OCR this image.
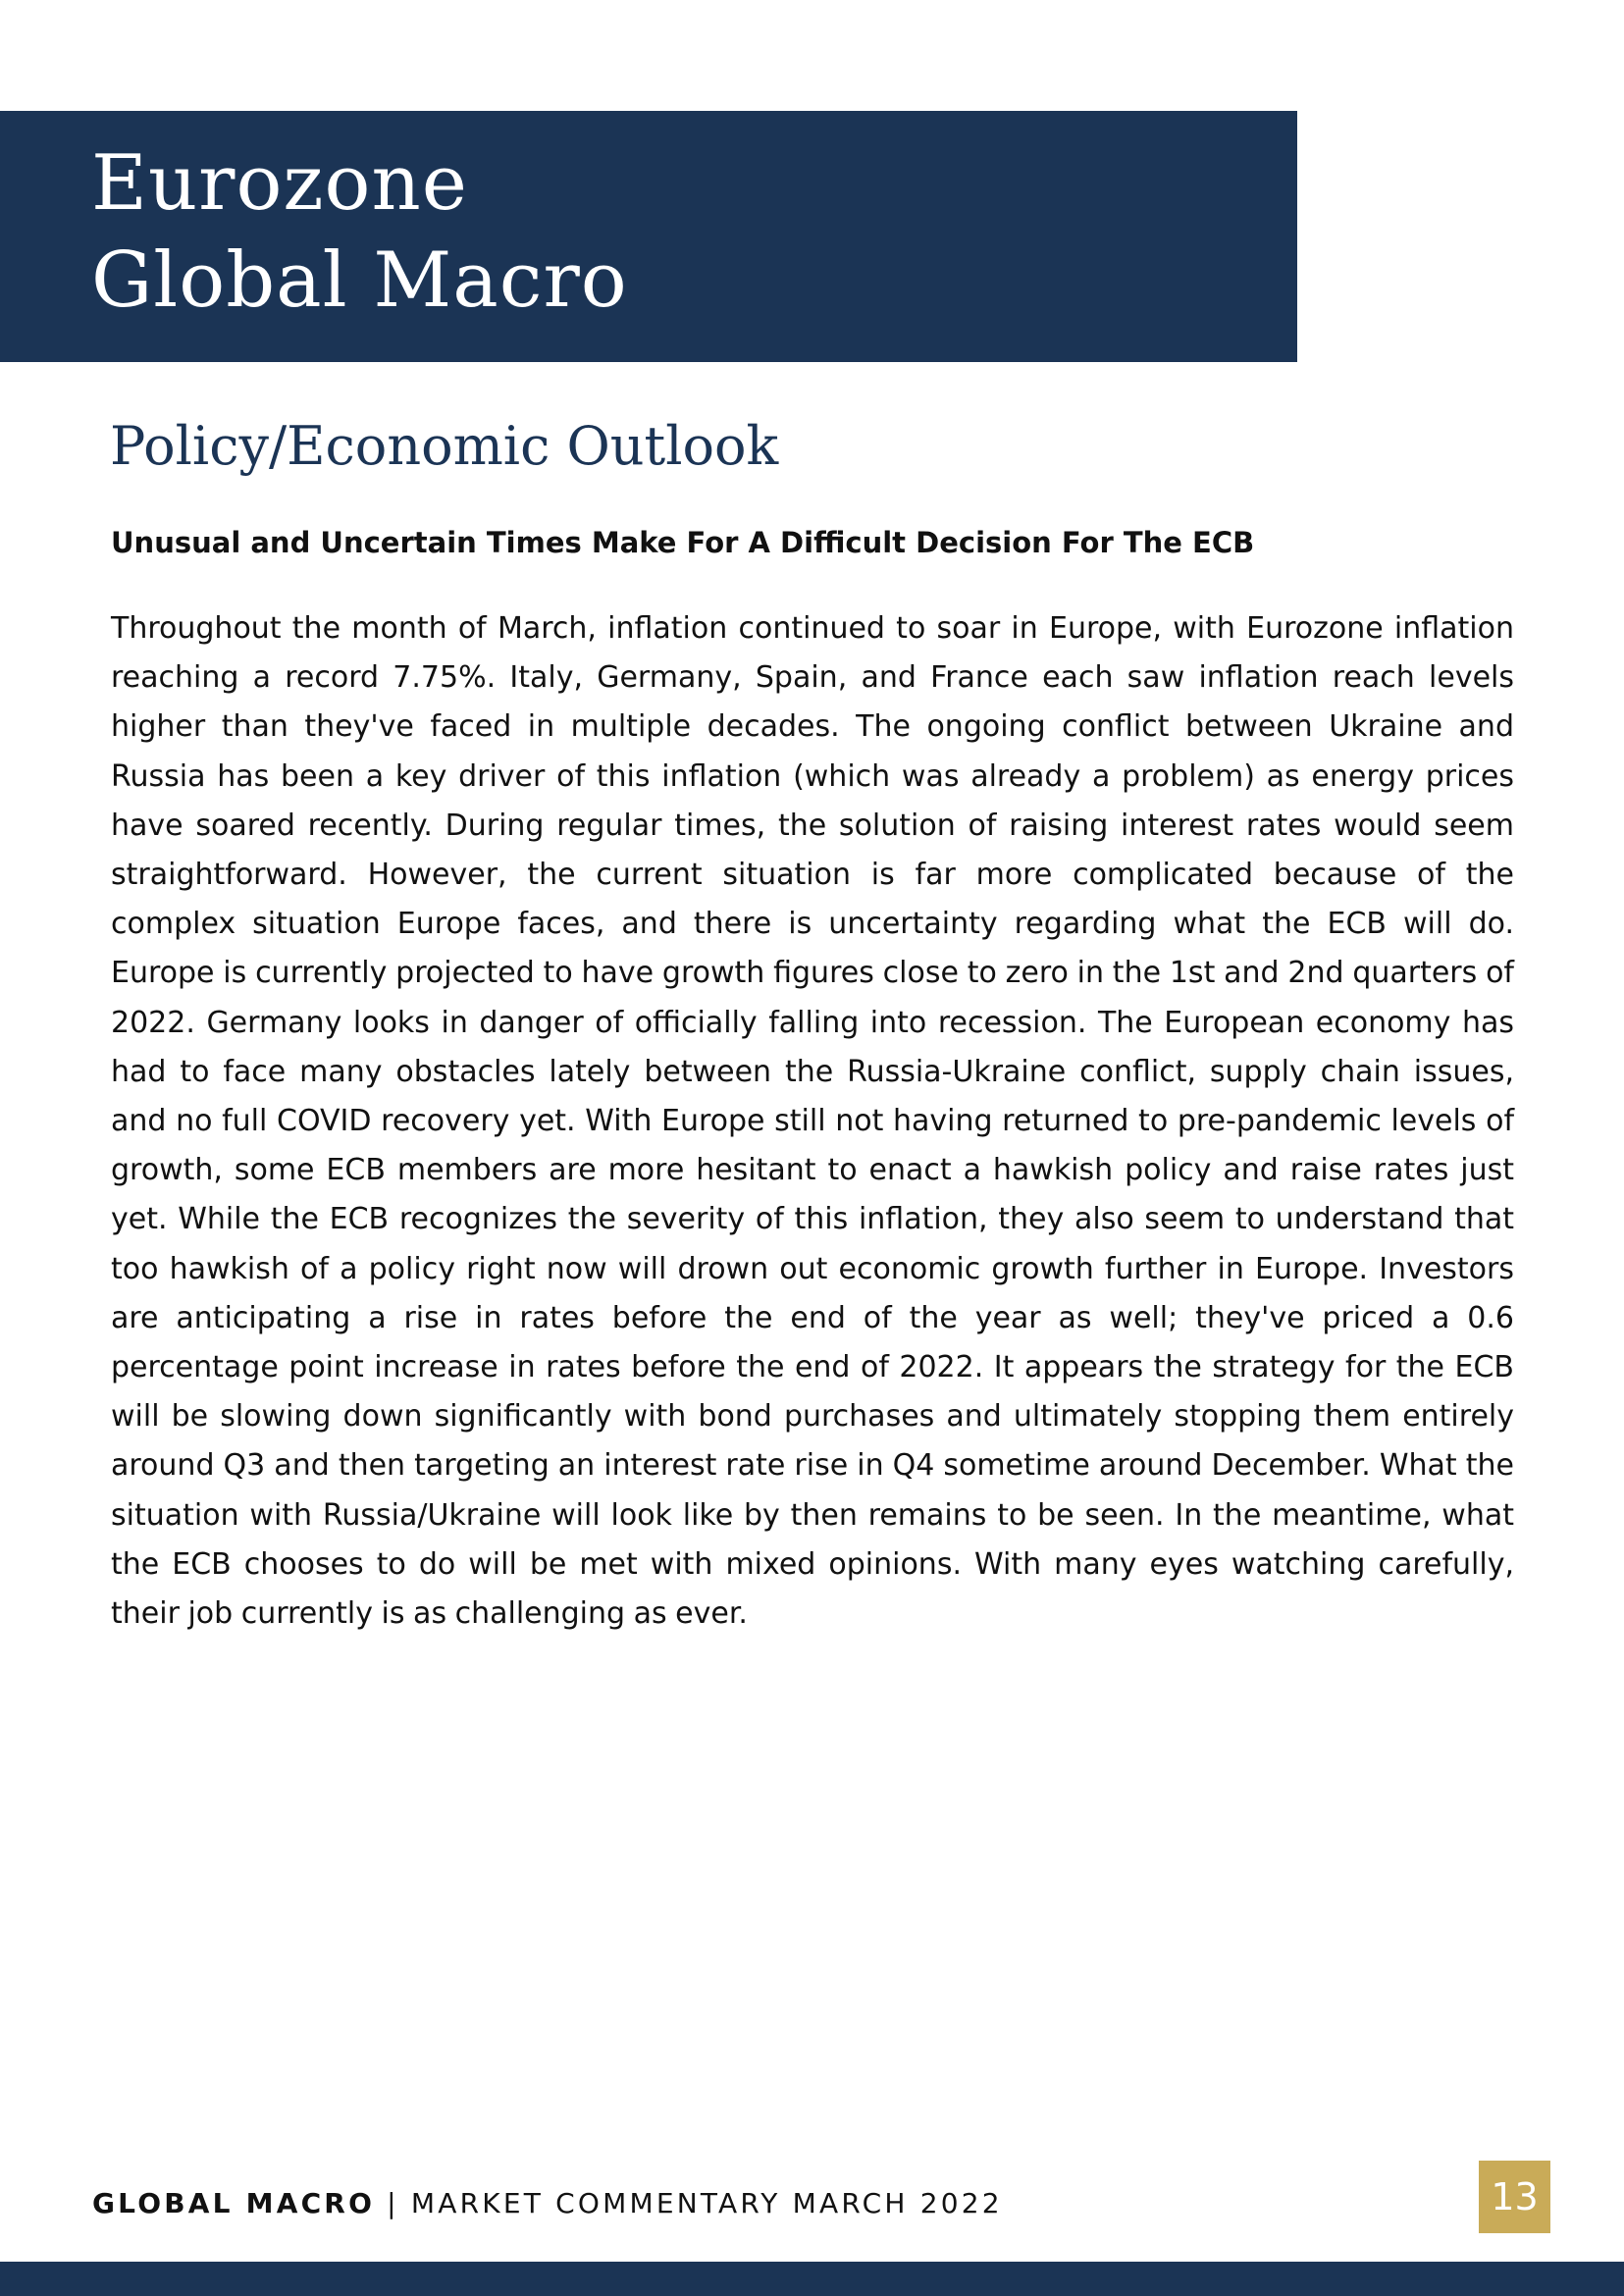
Eurozone
Global Macro
Policy/Economic Outlook
Unusual and Uncertain Times Make For A Difficult Decision For The ECB

Throughout the month of March, inflation continued to soar in Europe, with Eurozone inflation reaching a record 7.75%. Italy, Germany, Spain, and France each saw inflation reach levels higher than they've faced in multiple decades. The ongoing conflict between Ukraine and Russia has been a key driver of this inflation (which was already a problem) as energy prices have soared recently. During regular times, the solution of raising interest rates would seem straightforward. However, the current situation is far more complicated because of the complex situation Europe faces, and there is uncertainty regarding what the ECB will do. Europe is currently projected to have growth figures close to zero in the 1st and 2nd quarters of 2022. Germany looks in danger of officially falling into recession. The European economy has had to face many obstacles lately between the Russia-Ukraine conflict, supply chain issues, and no full COVID recovery yet. With Europe still not having returned to pre-pandemic levels of growth, some ECB members are more hesitant to enact a hawkish policy and raise rates just yet. While the ECB recognizes the severity of this inflation, they also seem to understand that too hawkish of a policy right now will drown out economic growth further in Europe. Investors are anticipating a rise in rates before the end of the year as well; they've priced a 0.6 percentage point increase in rates before the end of 2022. It appears the strategy for the ECB will be slowing down significantly with bond purchases and ultimately stopping them entirely around Q3 and then targeting an interest rate rise in Q4 sometime around December. What the situation with Russia/Ukraine will look like by then remains to be seen. In the meantime, what the ECB chooses to do will be met with mixed opinions. With many eyes watching carefully, their job currently is as challenging as ever.

GLOBAL MACRO | MARKET COMMENTARY MARCH 2022	13
